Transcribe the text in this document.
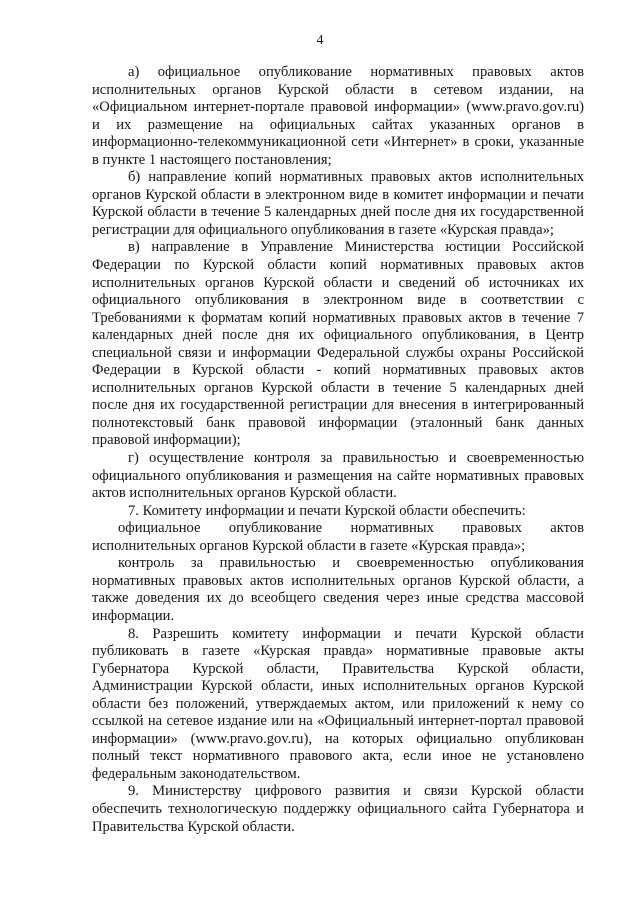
4

а) официальное опубликование нормативных правовых актов исполнительных органов Курской области в сетевом издании, на «Официальном интернет-портале правовой информации» (www.pravo.gov.ru) и их размещение на официальных сайтах указанных органов в информационно-телекоммуникационной сети «Интернет» в сроки, указанные в пункте 1 настоящего постановления;

б) направление копий нормативных правовых актов исполнительных органов Курской области в электронном виде в комитет информации и печати Курской области в течение 5 календарных дней после дня их государственной регистрации для официального опубликования в газете «Курская правда»;

в) направление в Управление Министерства юстиции Российской Федерации по Курской области копий нормативных правовых актов исполнительных органов Курской области и сведений об источниках их официального опубликования в электронном виде в соответствии с Требованиями к форматам копий нормативных правовых актов в течение 7 календарных дней после дня их официального опубликования, в Центр специальной связи и информации Федеральной службы охраны Российской Федерации в Курской области - копий нормативных правовых актов исполнительных органов Курской области в течение 5 календарных дней после дня их государственной регистрации для внесения в интегрированный полнотекстовый банк правовой информации (эталонный банк данных правовой информации);

г) осуществление контроля за правильностью и своевременностью официального опубликования и размещения на сайте нормативных правовых актов исполнительных органов Курской области.

7. Комитету информации и печати Курской области обеспечить:

официальное опубликование нормативных правовых актов исполнительных органов Курской области в газете «Курская правда»;

контроль за правильностью и своевременностью опубликования нормативных правовых актов исполнительных органов Курской области, а также доведения их до всеобщего сведения через иные средства массовой информации.

8. Разрешить комитету информации и печати Курской области публиковать в газете «Курская правда» нормативные правовые акты Губернатора Курской области, Правительства Курской области, Администрации Курской области, иных исполнительных органов Курской области без положений, утверждаемых актом, или приложений к нему со ссылкой на сетевое издание или на «Официальный интернет-портал правовой информации» (www.pravo.gov.ru), на которых официально опубликован полный текст нормативного правового акта, если иное не установлено федеральным законодательством.

9. Министерству цифрового развития и связи Курской области обеспечить технологическую поддержку официального сайта Губернатора и Правительства Курской области.
